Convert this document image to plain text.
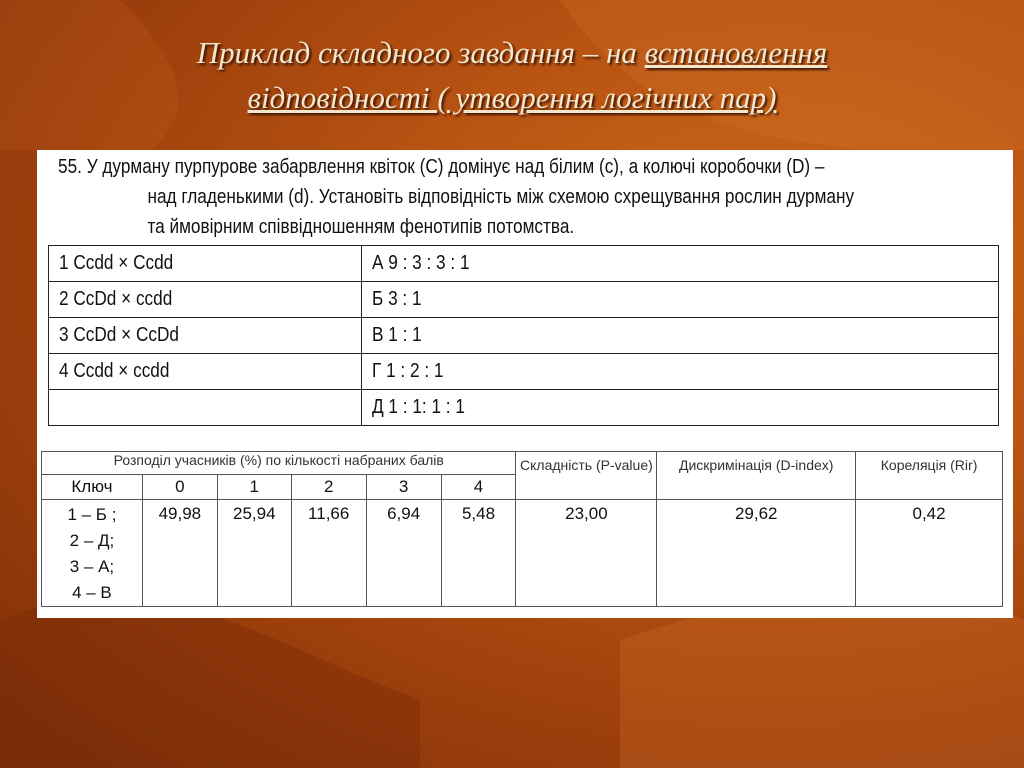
Приклад складного завдання – на встановлення
відповідності ( утворення логічних пар)
55. У дурману пурпурове забарвлення квіток (C) домінує над білим (c), а колючі коробочки (D) –
над гладенькими (d). Установіть відповідність між схемою схрещування рослин дурману
та ймовірним співвідношенням фенотипів потомства.
1 Ccdd × Ccdd	А 9 : 3 : 3 : 1
2 CcDd × ccdd	Б 3 : 1
3 CcDd × CcDd	В 1 : 1
4 Ccdd × ccdd	Г 1 : 2 : 1
	Д 1 : 1: 1 : 1
Розподіл учасників (%) по кількості набраних балів						Складність (P-value)	Дискримінація (D-index)	Кореляція (Rir)
Ключ	0	1	2	3	4			

1 – Б ;
2 – Д;
3 – А;
4 – В	49,98	25,94	11,66	6,94	5,48	23,00	29,62	0,42
